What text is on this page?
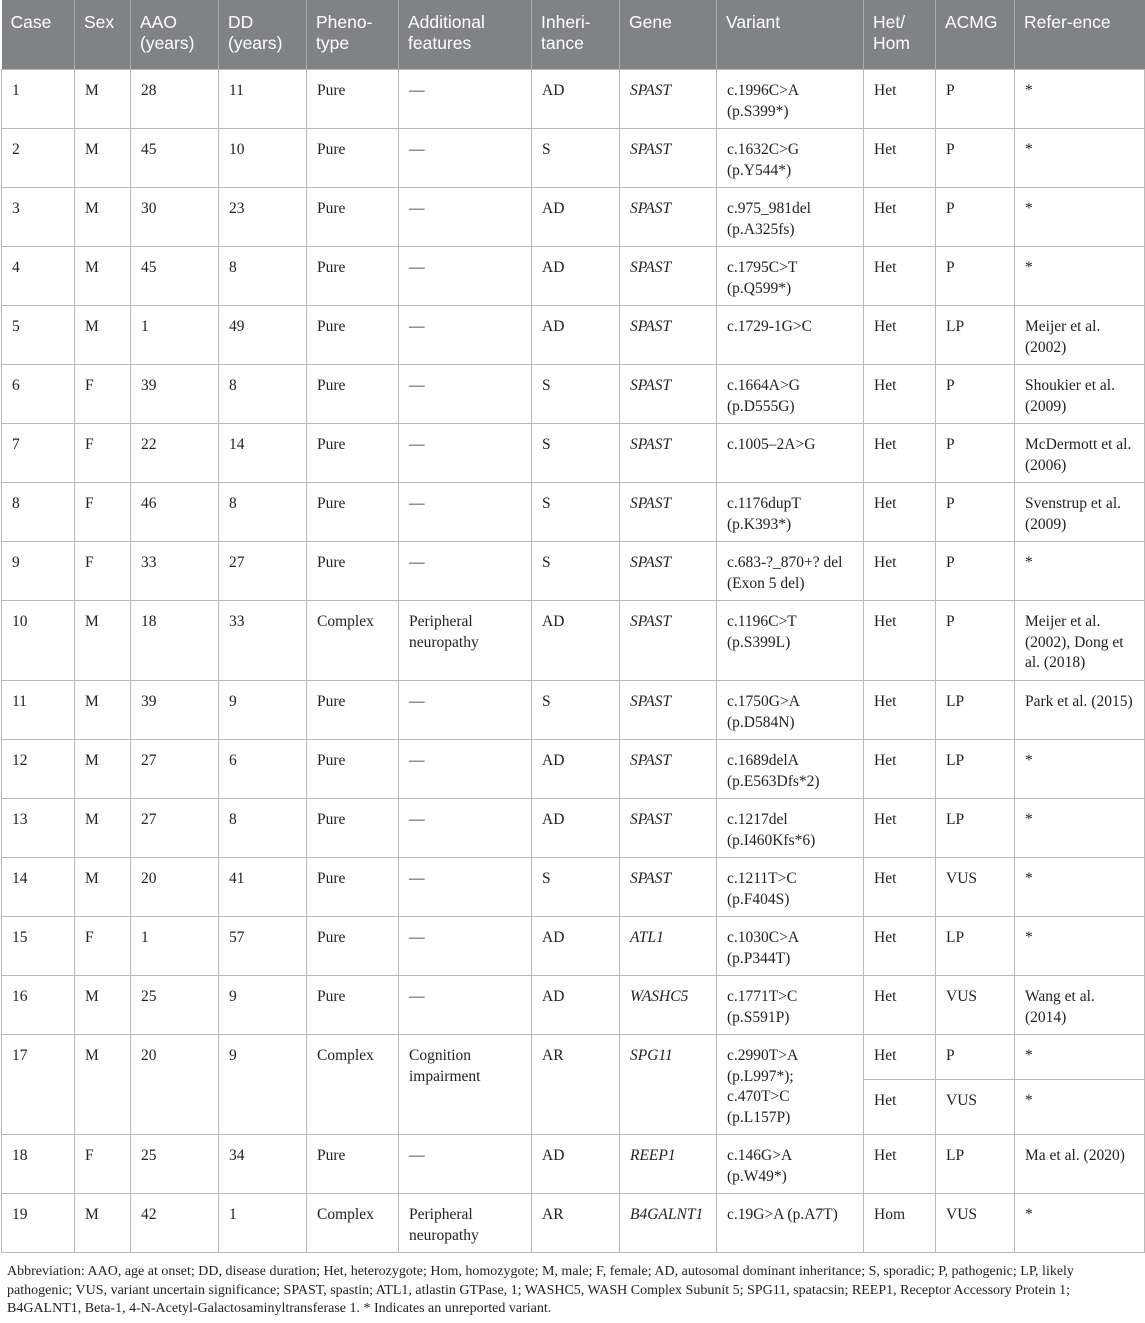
Case	Sex	AAO (years)	DD (years)	Pheno-type	Additional features	Inheri-tance	Gene	Variant	Het/ Hom	ACMG	Refer-ence
1	M	28	11	Pure	—	AD	SPAST	c.1996C>A (p.S399*)	Het	P	*
2	M	45	10	Pure	—	S	SPAST	c.1632C>G (p.Y544*)	Het	P	*
3	M	30	23	Pure	—	AD	SPAST	c.975_981del (p.A325fs)	Het	P	*
4	M	45	8	Pure	—	AD	SPAST	c.1795C>T (p.Q599*)	Het	P	*
5	M	1	49	Pure	—	AD	SPAST	c.1729-1G>C	Het	LP	Meijer et al. (2002)
6	F	39	8	Pure	—	S	SPAST	c.1664A>G (p.D555G)	Het	P	Shoukier et al. (2009)
7	F	22	14	Pure	—	S	SPAST	c.1005–2A>G	Het	P	McDermott et al. (2006)
8	F	46	8	Pure	—	S	SPAST	c.1176dupT (p.K393*)	Het	P	Svenstrup et al. (2009)
9	F	33	27	Pure	—	S	SPAST	c.683-?_870+? del (Exon 5 del)	Het	P	*
10	M	18	33	Complex	Peripheral neuropathy	AD	SPAST	c.1196C>T (p.S399L)	Het	P	Meijer et al. (2002), Dong et al. (2018)
11	M	39	9	Pure	—	S	SPAST	c.1750G>A (p.D584N)	Het	LP	Park et al. (2015)
12	M	27	6	Pure	—	AD	SPAST	c.1689delA (p.E563Dfs*2)	Het	LP	*
13	M	27	8	Pure	—	AD	SPAST	c.1217del (p.I460Kfs*6)	Het	LP	*
14	M	20	41	Pure	—	S	SPAST	c.1211T>C (p.F404S)	Het	VUS	*
15	F	1	57	Pure	—	AD	ATL1	c.1030C>A (p.P344T)	Het	LP	*
16	M	25	9	Pure	—	AD	WASHC5	c.1771T>C (p.S591P)	Het	VUS	Wang et al. (2014)
17	M	20	9	Complex	Cognition impairment	AR	SPG11	c.2990T>A (p.L997*); c.470T>C (p.L157P)	Het	P	*
									Het	VUS	*
18	F	25	34	Pure	—	AD	REEP1	c.146G>A (p.W49*)	Het	LP	Ma et al. (2020)
19	M	42	1	Complex	Peripheral neuropathy	AR	B4GALNT1	c.19G>A (p.A7T)	Hom	VUS	*
Abbreviation: AAO, age at onset; DD, disease duration; Het, heterozygote; Hom, homozygote; M, male; F, female; AD, autosomal dominant inheritance; S, sporadic; P, pathogenic; LP, likely pathogenic; VUS, variant uncertain significance; SPAST, spastin; ATL1, atlastin GTPase, 1; WASHC5, WASH Complex Subunit 5; SPG11, spatacsin; REEP1, Receptor Accessory Protein 1; B4GALNT1, Beta-1, 4-N-Acetyl-Galactosaminyltransferase 1. * Indicates an unreported variant.
